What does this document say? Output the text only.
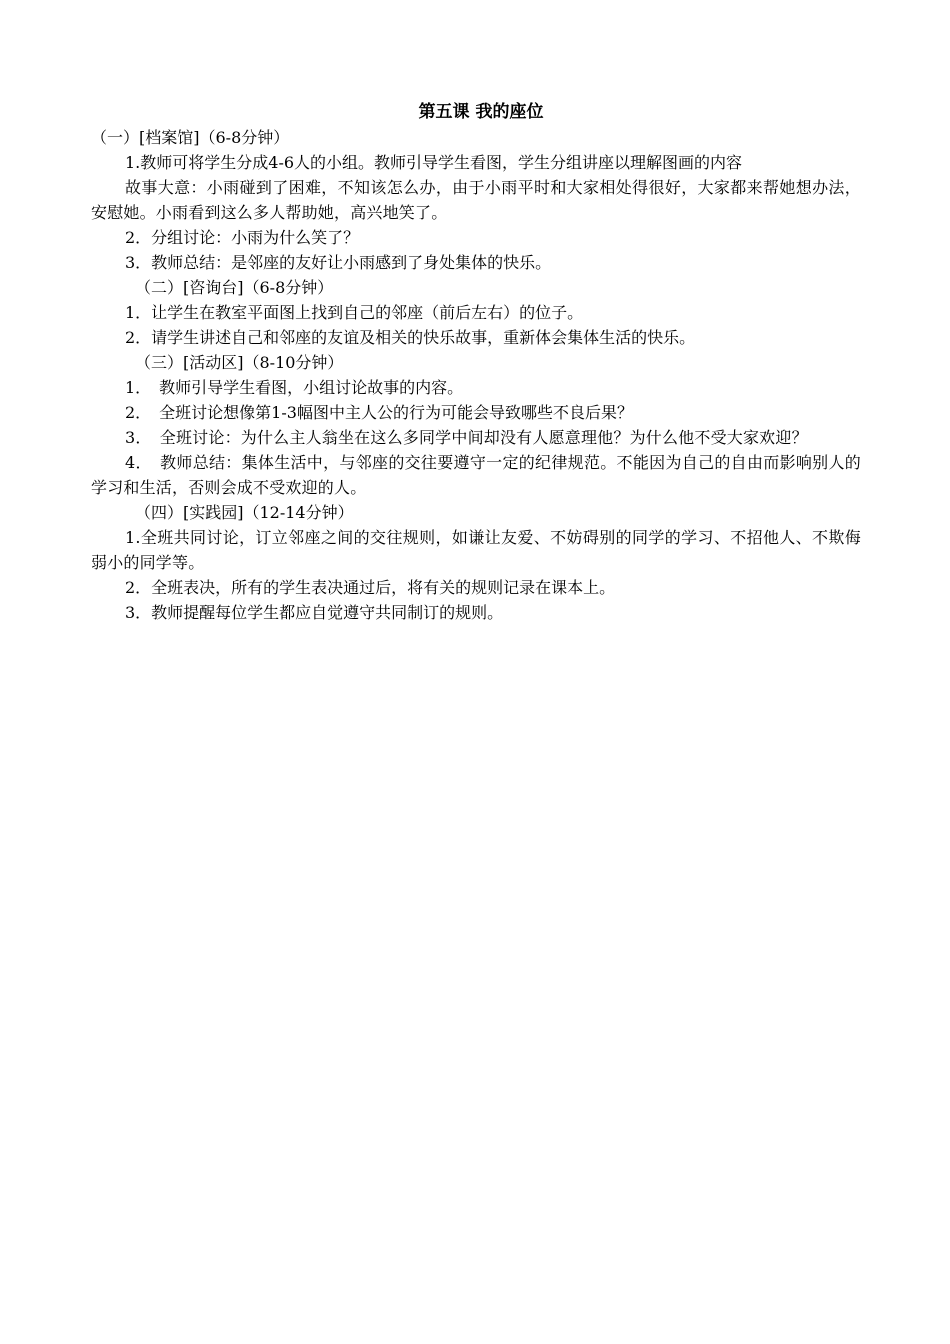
第五课 我的座位

（一）[档案馆]（6-8分钟）

1.教师可将学生分成4-6人的小组。教师引导学生看图，学生分组讲座以理解图画的内容

故事大意：小雨碰到了困难，不知该怎么办，由于小雨平时和大家相处得很好，大家都来帮她想办法，安慰她。小雨看到这么多人帮助她，高兴地笑了。

2．分组讨论：小雨为什么笑了？

3．教师总结：是邻座的友好让小雨感到了身处集体的快乐。

（二）[咨询台]（6-8分钟）

1．让学生在教室平面图上找到自己的邻座（前后左右）的位子。

2．请学生讲述自己和邻座的友谊及相关的快乐故事，重新体会集体生活的快乐。

（三）[活动区]（8-10分钟）

1．　教师引导学生看图，小组讨论故事的内容。

2．　全班讨论想像第1-3幅图中主人公的行为可能会导致哪些不良后果？

3．　全班讨论：为什么主人翁坐在这么多同学中间却没有人愿意理他？为什么他不受大家欢迎？

4．　教师总结：集体生活中，与邻座的交往要遵守一定的纪律规范。不能因为自己的自由而影响别人的学习和生活，否则会成不受欢迎的人。

（四）[实践园]（12-14分钟）

1.全班共同讨论，订立邻座之间的交往规则，如谦让友爱、不妨碍别的同学的学习、不招他人、不欺侮弱小的同学等。

2．全班表决，所有的学生表决通过后，将有关的规则记录在课本上。

3．教师提醒每位学生都应自觉遵守共同制订的规则。
